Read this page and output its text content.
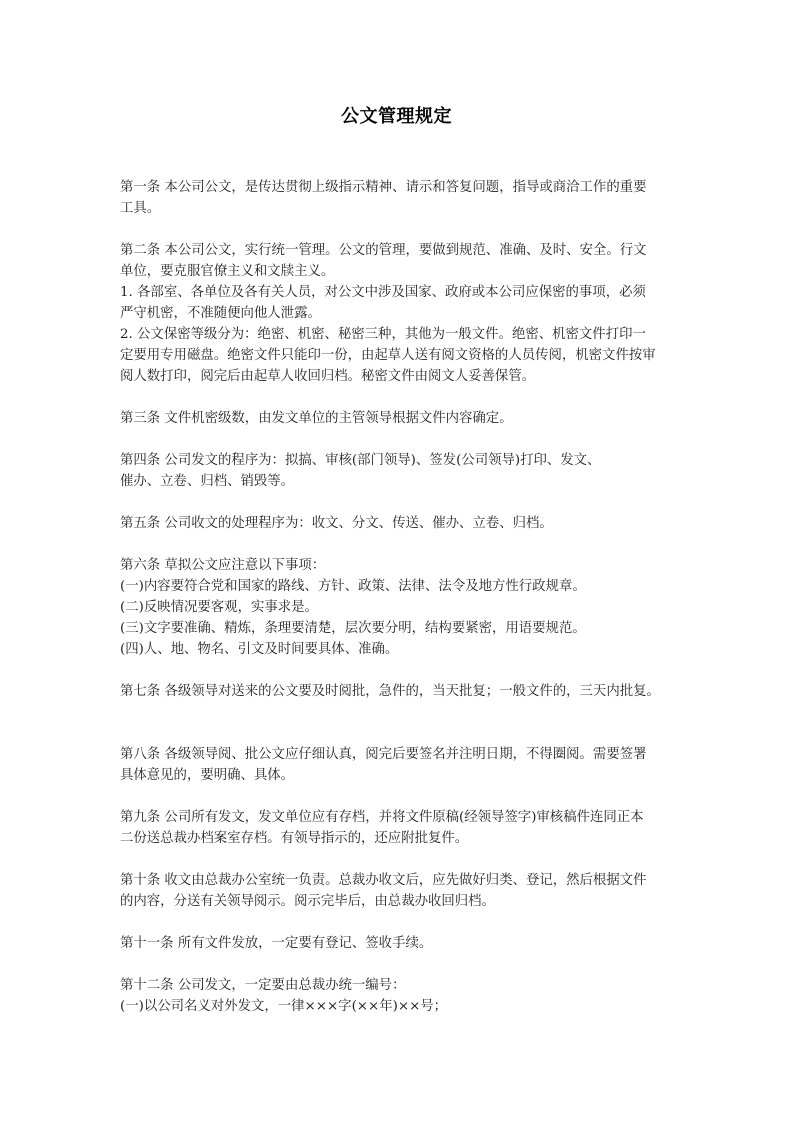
公文管理规定
第一条 本公司公文，是传达贯彻上级指示精神、请示和答复问题，指导或商洽工作的重要
工具。
第二条 本公司公文，实行统一管理。公文的管理，要做到规范、准确、及时、安全。行文
单位，要克服官僚主义和文牍主义。
1. 各部室、各单位及各有关人员，对公文中涉及国家、政府或本公司应保密的事项，必须
严守机密，不准随便向他人泄露。
2. 公文保密等级分为：绝密、机密、秘密三种，其他为一般文件。绝密、机密文件打印一
定要用专用磁盘。绝密文件只能印一份，由起草人送有阅文资格的人员传阅，机密文件按审
阅人数打印，阅完后由起草人收回归档。秘密文件由阅文人妥善保管。
第三条 文件机密级数，由发文单位的主管领导根据文件内容确定。
第四条 公司发文的程序为：拟搞、审核(部门领导)、签发(公司领导)打印、发文、
催办、立卷、归档、销毁等。
第五条 公司收文的处理程序为：收文、分文、传送、催办、立卷、归档。
第六条 草拟公文应注意以下事项：
(一)内容要符合党和国家的路线、方针、政策、法律、法令及地方性行政规章。
(二)反映情况要客观，实事求是。
(三)文字要准确、精炼，条理要清楚，层次要分明，结构要紧密，用语要规范。
(四)人、地、物名、引文及时间要具体、准确。
第七条 各级领导对送来的公文要及时阅批，急件的，当天批复；一般文件的，三天内批复。
第八条 各级领导阅、批公文应仔细认真，阅完后要签名并注明日期，不得圈阅。需要签署
具体意见的，要明确、具体。
第九条 公司所有发文，发文单位应有存档，并将文件原稿(经领导签字)审核稿件连同正本
二份送总裁办档案室存档。有领导指示的，还应附批复件。
第十条 收文由总裁办公室统一负责。总裁办收文后，应先做好归类、登记，然后根据文件
的内容，分送有关领导阅示。阅示完毕后，由总裁办收回归档。
第十一条 所有文件发放，一定要有登记、签收手续。
第十二条 公司发文，一定要由总裁办统一编号：
(一)以公司名义对外发文，一律×××字(××年)××号；
